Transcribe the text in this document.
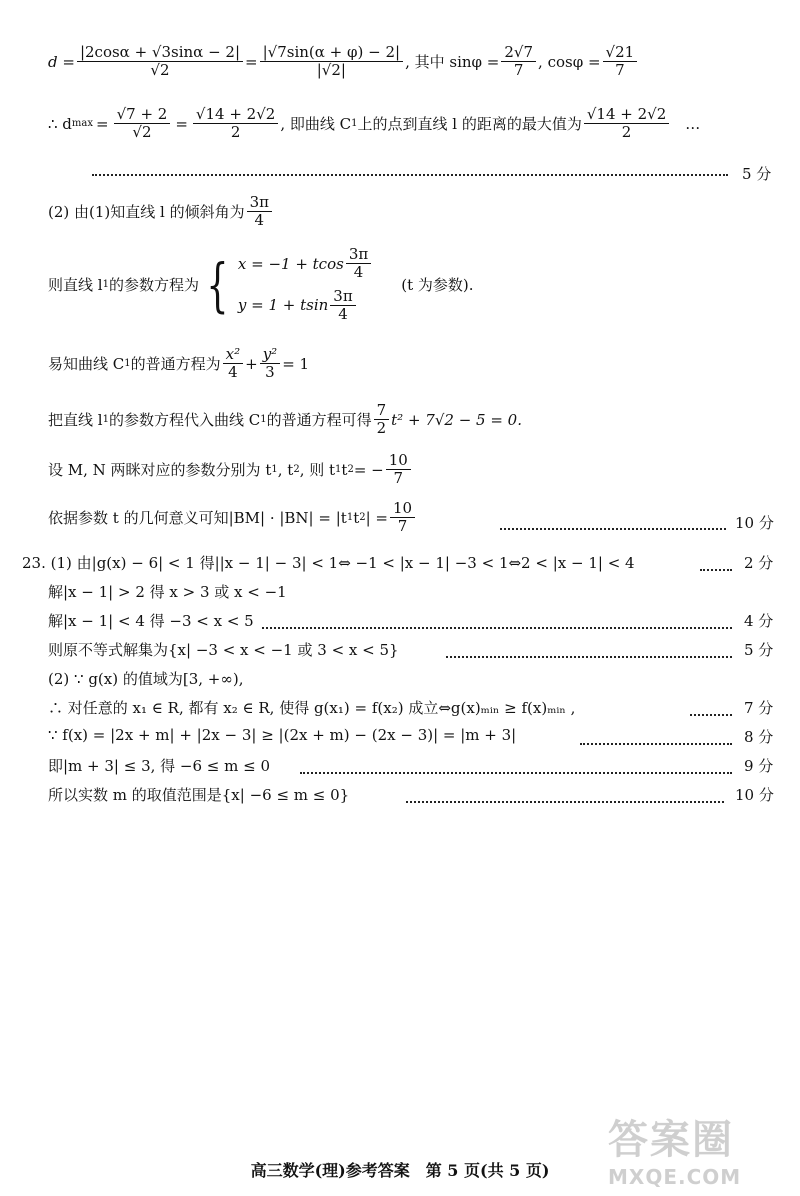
$d = \frac{|2\cos\alpha + √3\sin\alpha - 2|}{√2} = \frac{|√7\sin(\alpha + \varphi) - 2|}{|√2|}$ , 其中 $\sin\varphi = \frac{2√7}{7}$ , $\cos\varphi = \frac{√21}{7}$
∴ d $\max = \frac{√7 + 2}{√2} = \frac{√14 + 2√2}{2}$ , 即曲线 C 1 上的点到直线 l 的距离的最大值为 $\frac{√14 + 2√2}{2}$ …
5 分
(2) 由(1)知直线 l 的倾斜角为 $\frac{3\pi}{4}$
则直线 l 1 的参数方程为 { x = −1 + tcos $\frac{3\pi}{4}$
y = 1 + tsin $\frac{3\pi}{4}$
(t 为参数).
易知曲线 C 1 的普通方程为 $\frac{\text{x²}}{4} + \frac{\text{y²}}{3} = 1$
把直线 l 1 的参数方程代入曲线 C 1 的普通方程可得 $\frac{7}{2} t^2 + 7√2 - 5 = 0$.
设 M, N 两眯对应的参数分别为 t 1 , t 2 , 则 t 1 t 2 = − $\frac{10}{7}$
依据参数 t 的几何意义可知|BM| · |BN| = |t 1 t 2 | = $\frac{10}{7}$	10 分
23. (1) 由|g(x) − 6| < 1 得||x − 1| − 3| < 1⇔ −1 < |x − 1| −3 < 1⇔2 < |x − 1| < 4	2 分
解|x − 1| > 2 得 x > 3 或 x < −1
解|x − 1| < 4 得 −3 < x < 5	4 分
则原不等式解集为{x| −3 < x < −1 或 3 < x < 5}	5 分
(2) ∵ g(x) 的值域为[3, +∞),
∴ 对任意的 x₁ ∈ R, 都有 x₂ ∈ R, 使得 g(x₁) = f(x₂) 成立⇔g(x)ₘᵢₙ ≥ f(x)ₘᵢₙ ,	7 分
∵ f(x) = |2x + m| + |2x − 3| ≥ |(2x + m) − (2x − 3)| = |m + 3|	8 分
即|m + 3| ≤ 3, 得 −6 ≤ m ≤ 0	9 分
所以实数 m 的取值范围是{x| −6 ≤ m ≤ 0}	10 分
高三数学(理)参考答案　第 5 页(共 5 页)
答案圈
MXQE.COM
